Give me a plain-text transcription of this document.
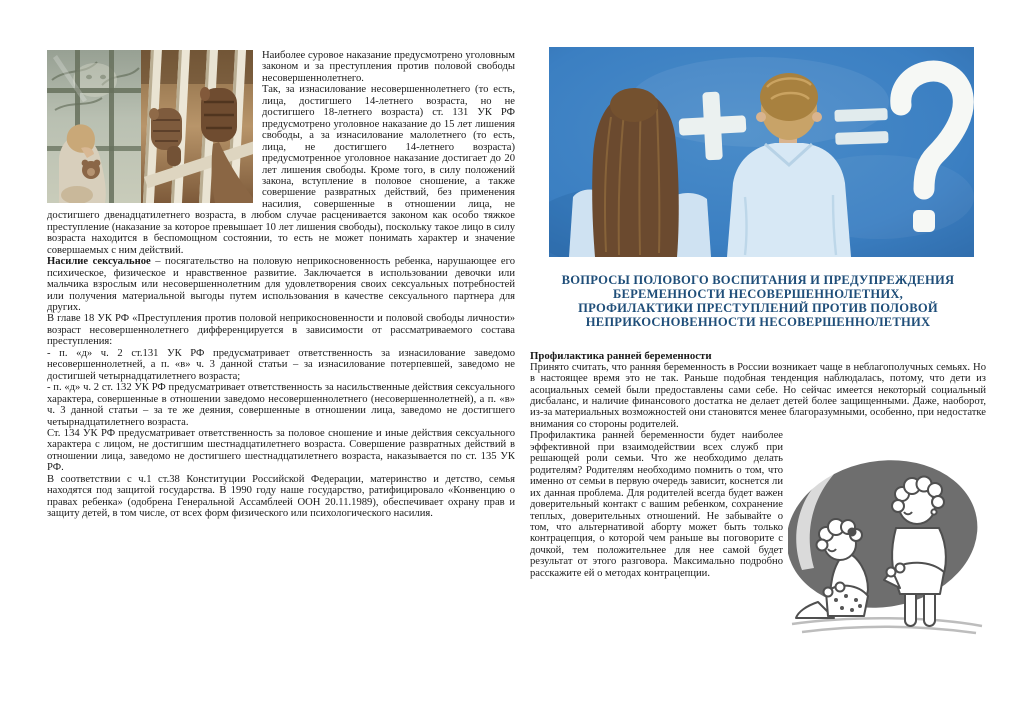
Наиболее суровое наказание предусмотрено уголовным законом и за преступления против половой свободы несовершеннолетнего.

Так, за изнасилование несовершеннолетнего (то есть, лица, достигшего 14-летнего возраста, но не достигшего 18-летнего возраста) ст. 131 УК РФ предусмотрено уголовное наказание до 15 лет лишения свободы, а за изнасилование малолетнего (то есть, лица, не достигшего 14-летнего возраста) предусмотренное уголовное наказание достигает до 20 лет лишения свободы. Кроме того, в силу положений закона, вступление в половое сношение, а также совершение развратных действий, без применения насилия, совершенные в отношении лица, не достигшего двенадцатилетнего возраста, в любом случае расценивается законом как особо тяжкое преступление (наказание за которое превышает 10 лет лишения свободы), поскольку такое лицо в силу возраста находится в беспомощном состоянии, то есть не может понимать характер и значение совершаемых с ним действий.

Насилие сексуальное – посягательство на половую неприкосновенность ребенка, нарушающее его психическое, физическое и нравственное развитие. Заключается в использовании девочки или мальчика взрослым или несовершеннолетним для удовлетворения своих сексуальных потребностей или получения материальной выгоды путем использования в качестве сексуального партнера для других.

В главе 18 УК РФ «Преступления против половой неприкосновенности и половой свободы личности» возраст несовершеннолетнего дифференцируется в зависимости от рассматриваемого состава преступления:

- п. «д» ч. 2 ст.131 УК РФ предусматривает ответственность за изнасилование заведомо несовершеннолетней, а п. «в» ч. 3 данной статьи – за изнасилование потерпевшей, заведомо не достигшей четырнадцатилетнего возраста;

- п. «д» ч. 2 ст. 132 УК РФ предусматривает ответственность за насильственные действия сексуального характера, совершенные в отношении заведомо несовершеннолетнего (несовершеннолетней), а п. «в» ч. 3 данной статьи – за те же деяния, совершенные в отношении лица, заведомо не достигшего четырнадцатилетнего возраста.

Ст. 134 УК РФ предусматривает ответственность за половое сношение и иные действия сексуального характера с лицом, не достигшим шестнадцатилетнего возраста. Совершение развратных действий в отношении лица, заведомо не достигшего шестнадцатилетнего возраста, наказывается по ст. 135 УК РФ.

В соответствии с ч.1 ст.38 Конституции Российской Федерации, материнство и детство, семья находятся под защитой государства. В 1990 году наше государство, ратифицировало «Конвенцию о правах ребенка» (одобрена Генеральной Ассамблеей ООН 20.11.1989), обеспечивает охрану прав и защиту детей, в том числе, от всех форм физического или психологического насилия.

+	=
?
ВОПРОСЫ ПОЛОВОГО ВОСПИТАНИЯ И ПРЕДУПРЕЖДЕНИЯ
БЕРЕМЕННОСТИ НЕСОВЕРШЕННОЛЕТНИХ,
ПРОФИЛАКТИКИ ПРЕСТУПЛЕНИЙ ПРОТИВ ПОЛОВОЙ
НЕПРИКОСНОВЕННОСТИ НЕСОВЕРШЕННОЛЕТНИХ

Профилактика ранней беременности

Принято считать, что ранняя беременность в России возникает чаще в неблагополучных семьях. Но в настоящее время это не так. Раньше подобная тенденция наблюдалась, потому, что дети из асоциальных семей были предоставлены сами себе. Но сейчас имеется некоторый социальный дисбаланс, и наличие финансового достатка не делает детей более защищенными. Даже, наоборот, из-за материальных возможностей они становятся менее благоразумными, особенно, при недостатке внимания со стороны родителей.

Профилактика ранней беременности будет наиболее эффективной при взаимодействии всех служб при решающей роли семьи. Что же необходимо делать родителям? Родителям необходимо помнить о том, что именно от семьи в первую очередь зависит, коснется ли их данная проблема. Для родителей всегда будет важен доверительный контакт с вашим ребенком, сохранение теплых, доверительных отношений. Не забывайте о том, что альтернативой аборту может быть только контрацепция, о которой чем раньше вы поговорите с дочкой, тем положительнее для нее самой будет результат от этого разговора. Максимально подробно расскажите ей о методах контрацепции.
